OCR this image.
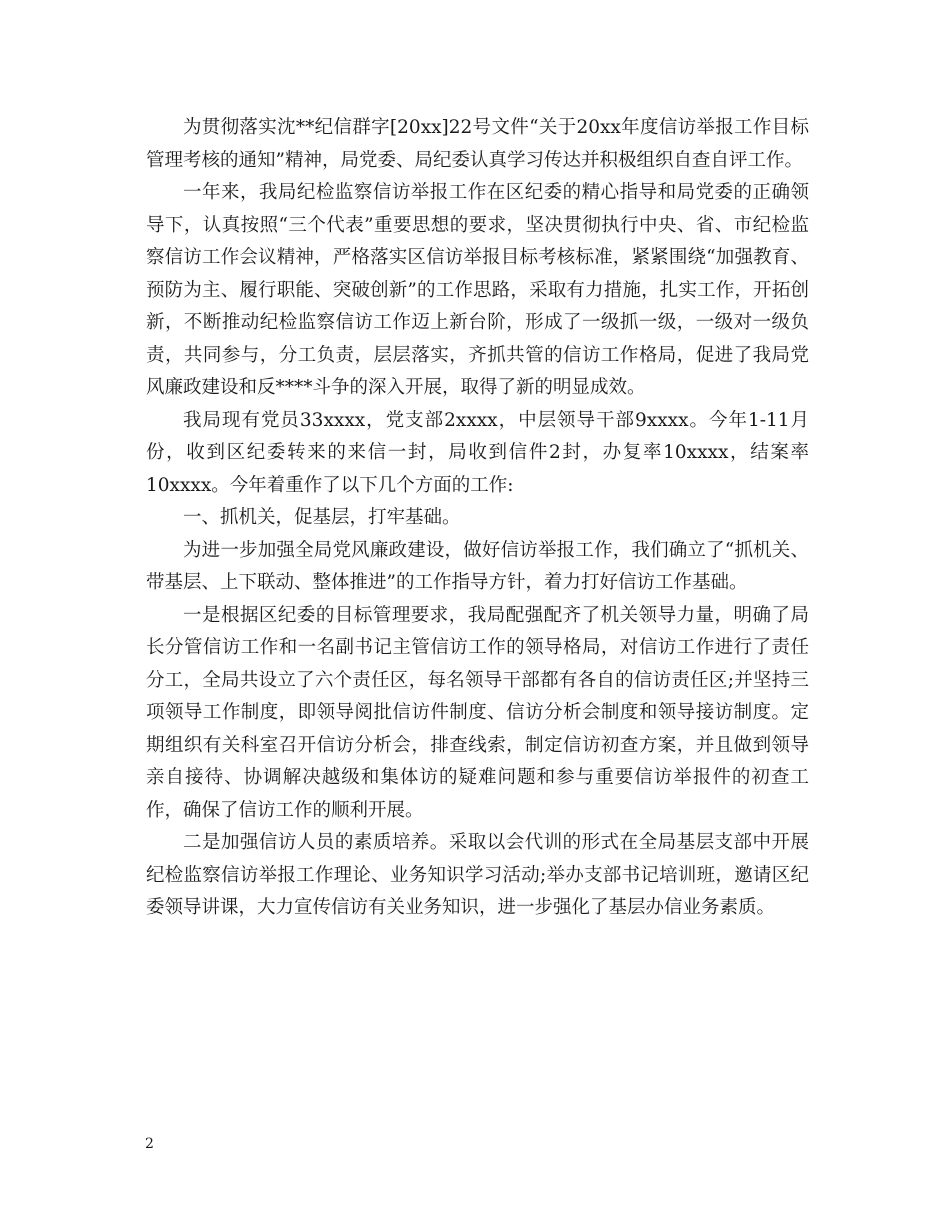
为贯彻落实沈**纪信群字[20xx]22号文件“关于20xx年度信访举报工作目标管理考核的通知”精神，局党委、局纪委认真学习传达并积极组织自查自评工作。

一年来，我局纪检监察信访举报工作在区纪委的精心指导和局党委的正确领导下，认真按照“三个代表”重要思想的要求，坚决贯彻执行中央、省、市纪检监察信访工作会议精神，严格落实区信访举报目标考核标准，紧紧围绕“加强教育、预防为主、履行职能、突破创新”的工作思路，采取有力措施，扎实工作，开拓创新，不断推动纪检监察信访工作迈上新台阶，形成了一级抓一级，一级对一级负责，共同参与，分工负责，层层落实，齐抓共管的信访工作格局，促进了我局党风廉政建设和反****斗争的深入开展，取得了新的明显成效。

我局现有党员33xxxx，党支部2xxxx，中层领导干部9xxxx。今年1-11月份，收到区纪委转来的来信一封，局收到信件2封，办复率10xxxx，结案率10xxxx。今年着重作了以下几个方面的工作:

一、抓机关，促基层，打牢基础。

为进一步加强全局党风廉政建设，做好信访举报工作，我们确立了“抓机关、带基层、上下联动、整体推进”的工作指导方针，着力打好信访工作基础。

一是根据区纪委的目标管理要求，我局配强配齐了机关领导力量，明确了局长分管信访工作和一名副书记主管信访工作的领导格局，对信访工作进行了责任分工，全局共设立了六个责任区，每名领导干部都有各自的信访责任区;并坚持三项领导工作制度，即领导阅批信访件制度、信访分析会制度和领导接访制度。定期组织有关科室召开信访分析会，排查线索，制定信访初查方案，并且做到领导亲自接待、协调解决越级和集体访的疑难问题和参与重要信访举报件的初查工作，确保了信访工作的顺利开展。

二是加强信访人员的素质培养。采取以会代训的形式在全局基层支部中开展纪检监察信访举报工作理论、业务知识学习活动;举办支部书记培训班，邀请区纪委领导讲课，大力宣传信访有关业务知识，进一步强化了基层办信业务素质。

2
